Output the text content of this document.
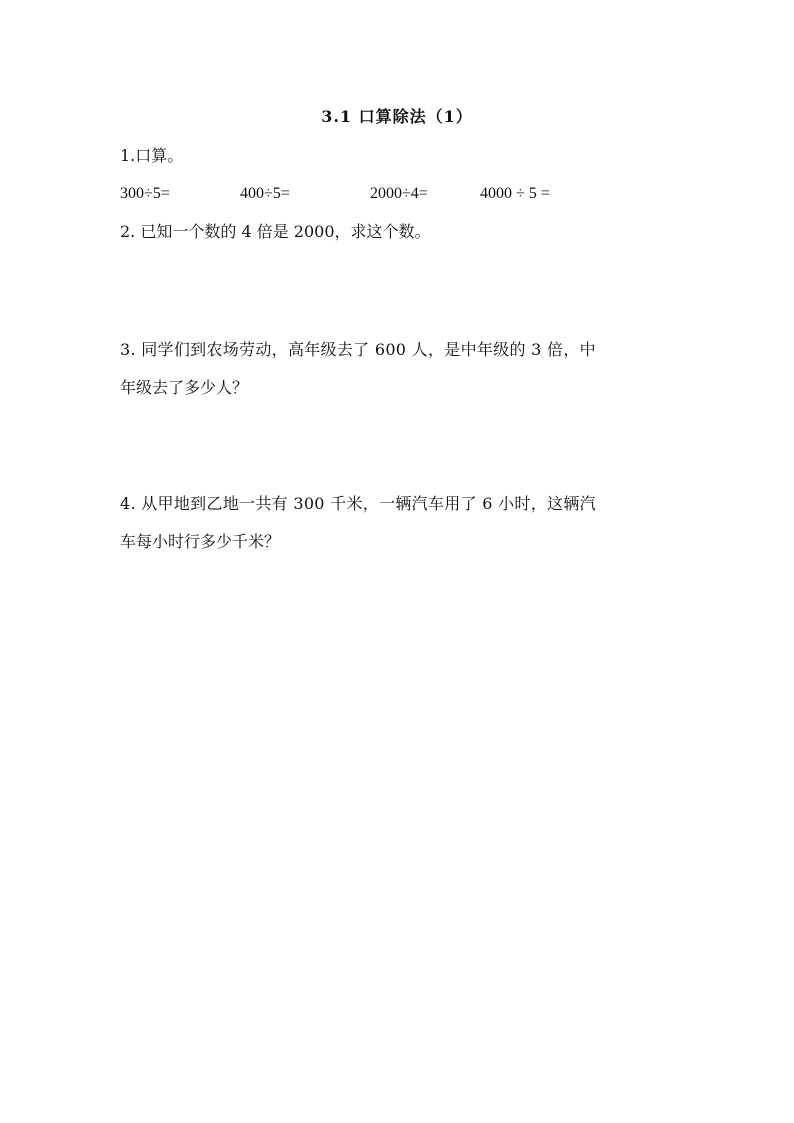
3.1 口算除法（1）
1.口算。
300÷5=	400÷5=	2000÷4=	4000 ÷ 5 =
2. 已知一个数的 4 倍是 2000，求这个数。
3. 同学们到农场劳动，高年级去了 600 人，是中年级的 3 倍，中
年级去了多少人？
4. 从甲地到乙地一共有 300 千米，一辆汽车用了 6 小时，这辆汽
车每小时行多少千米？
